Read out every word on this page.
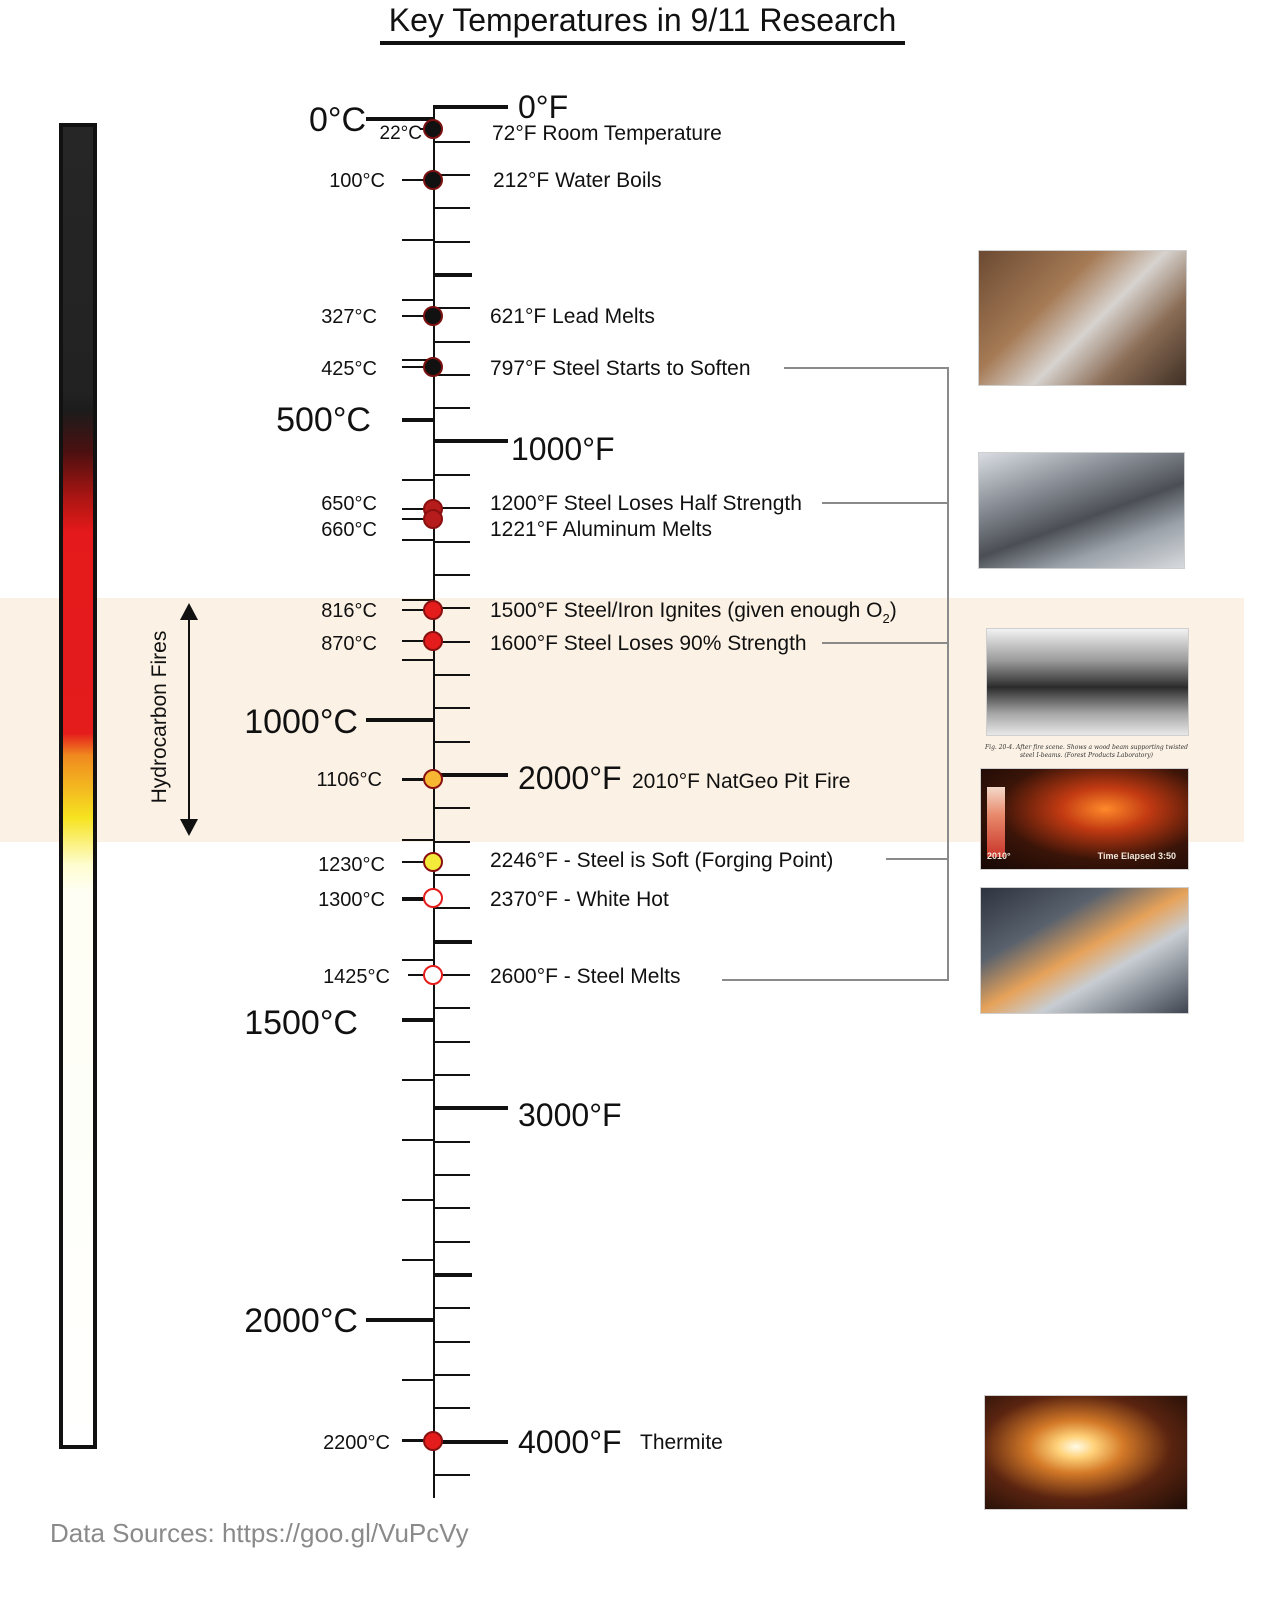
Key Temperatures in 9/11 Research
0°C
500°C
1000°C
1500°C
2000°C
0°F
1000°F
2000°F
3000°F
4000°F
Hydrocarbon Fires
22°C
100°C
327°C
425°C
650°C
660°C
816°C
870°C
1106°C
1230°C
1300°C
1425°C
2200°C
72°F Room Temperature
212°F Water Boils
621°F Lead Melts
797°F Steel Starts to Soften
1200°F Steel Loses Half Strength
1221°F Aluminum Melts
1500°F Steel/Iron Ignites (given enough $O_2$)
1600°F Steel Loses 90% Strength
2010°F NatGeo Pit Fire
2246°F - Steel is Soft (Forging Point)
2370°F - White Hot
2600°F - Steel Melts
Thermite
Fig. 20-4. After fire scene. Shows a wood beam supporting twisted steel I-beams. (Forest Products Laboratory)
2010°	Time Elapsed 3:50
Data Sources: https://goo.gl/VuPcVy
